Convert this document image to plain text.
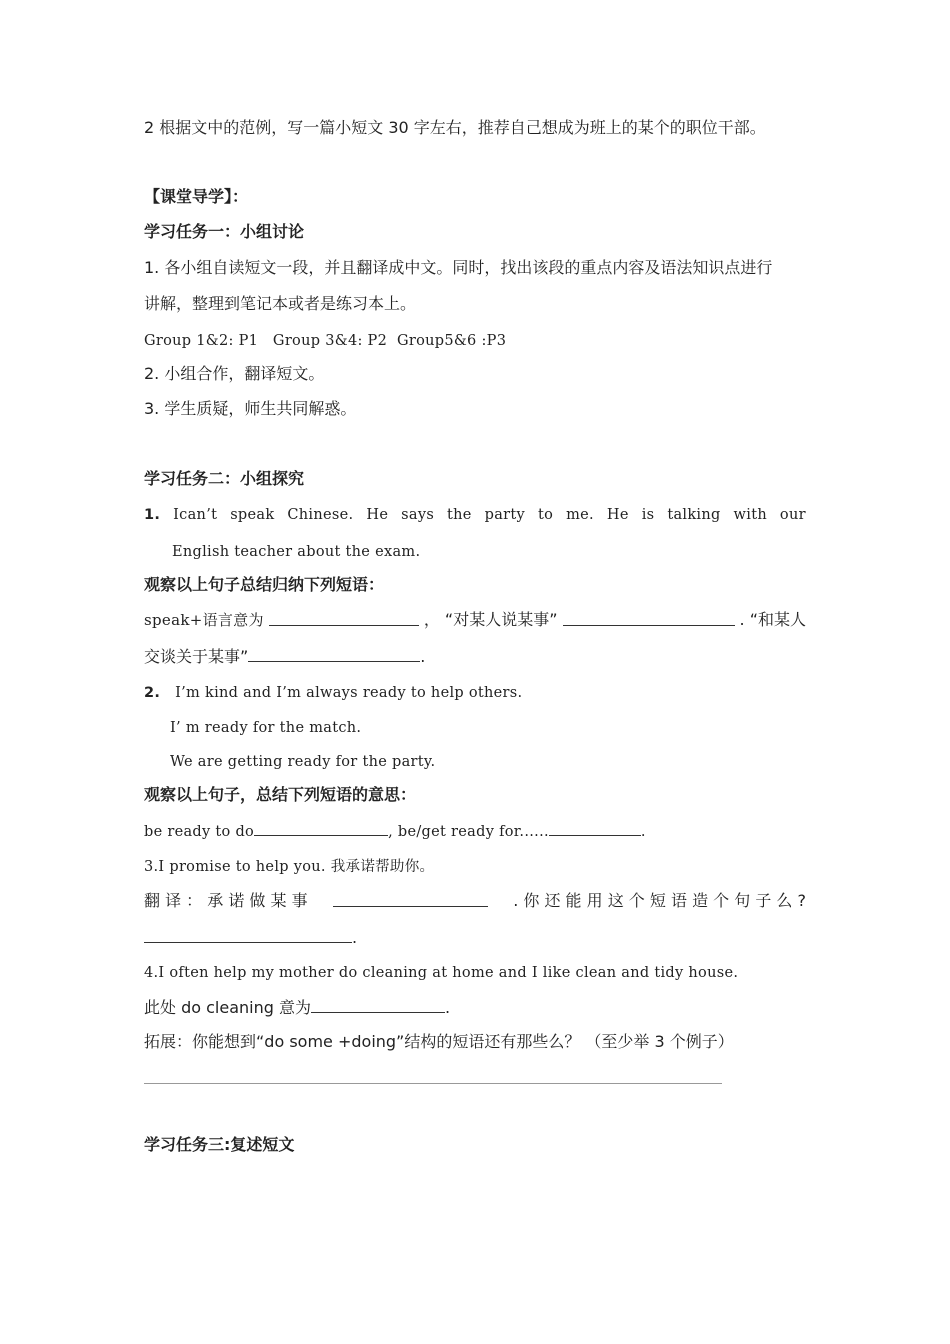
2 根据文中的范例，写一篇小短文 30 字左右，推荐自己想成为班上的某个的职位干部。
【课堂导学】：
学习任务一：小组讨论
1. 各小组自读短文一段，并且翻译成中文。同时，找出该段的重点内容及语法知识点进行
讲解，整理到笔记本或者是练习本上。
Group 1&2: P1   Group 3&4: P2  Group5&6 :P3
2. 小组合作，翻译短文。
3. 学生质疑，师生共同解惑。
学习任务二：小组探究
1. Ican’t speak Chinese. He says the party to me. He is talking with our
English teacher about the exam.
观察以上句子总结归纳下列短语：
speak+语言意为	， “对某人说某事”	. “和某人
交谈关于某事”	.
2. I’m kind and I’m always ready to help others.
I’ m ready for the match.
We are getting ready for the party.
观察以上句子，总结下列短语的意思：
be ready to do	, be/get ready for......	.
3.I promise to help you. 我承诺帮助你。
翻 译 ： 承 诺 做 某 事	. 你 还 能 用 这 个 短 语 造 个 句 子 么 ?
.
4.I often help my mother do cleaning at home and I like clean and tidy house.
此处 do cleaning 意为	.
拓展：你能想到“do some +doing”结构的短语还有那些么？ （至少举 3 个例子）
学习任务三:复述短文
